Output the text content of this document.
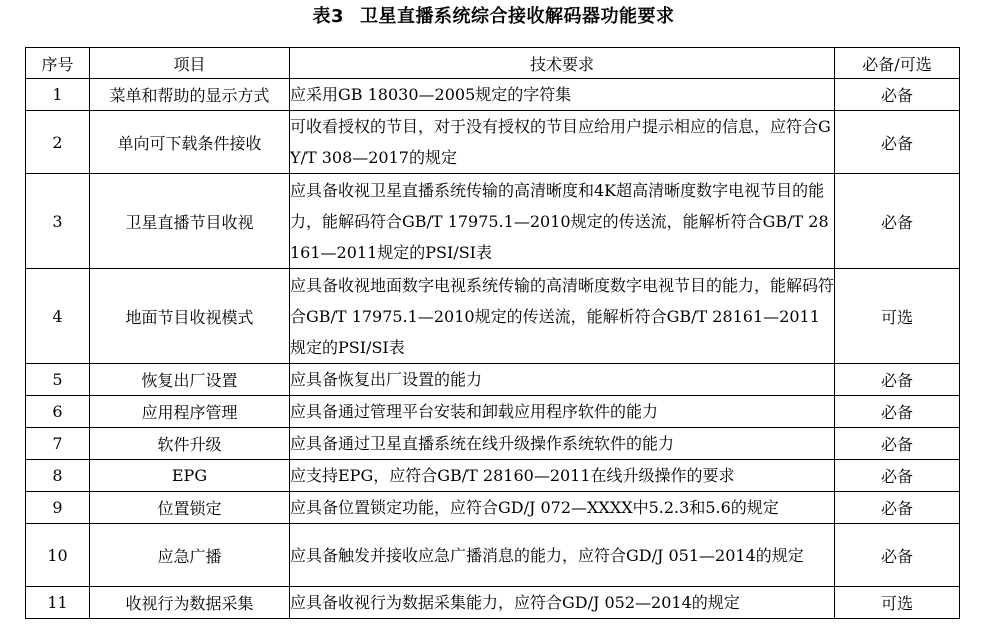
表3 卫星直播系统综合接收解码器功能要求
序号	项目	技术要求	必备/可选
1	菜单和帮助的显示方式	应采用GB 18030—2005规定的字符集	必备
2	单向可下载条件接收	可收看授权的节目，对于没有授权的节目应给用户提示相应的信息，应符合GY/T 308—2017的规定	必备
3	卫星直播节目收视	应具备收视卫星直播系统传输的高清晰度和4K超高清晰度数字电视节目的能力，能解码符合GB/T 17975.1—2010规定的传送流，能解析符合GB/T 28161—2011规定的PSI/SI表	必备
4	地面节目收视模式	应具备收视地面数字电视系统传输的高清晰度数字电视节目的能力，能解码符合GB/T 17975.1—2010规定的传送流，能解析符合GB/T 28161—2011规定的PSI/SI表	可选
5	恢复出厂设置	应具备恢复出厂设置的能力	必备
6	应用程序管理	应具备通过管理平台安装和卸载应用程序软件的能力	必备
7	软件升级	应具备通过卫星直播系统在线升级操作系统软件的能力	必备
8	EPG	应支持EPG，应符合GB/T 28160—2011在线升级操作的要求	必备
9	位置锁定	应具备位置锁定功能，应符合GD/J 072—XXXX中5.2.3和5.6的规定	必备
10	应急广播	应具备触发并接收应急广播消息的能力，应符合GD/J 051—2014的规定	必备
11	收视行为数据采集	应具备收视行为数据采集能力，应符合GD/J 052—2014的规定	可选
